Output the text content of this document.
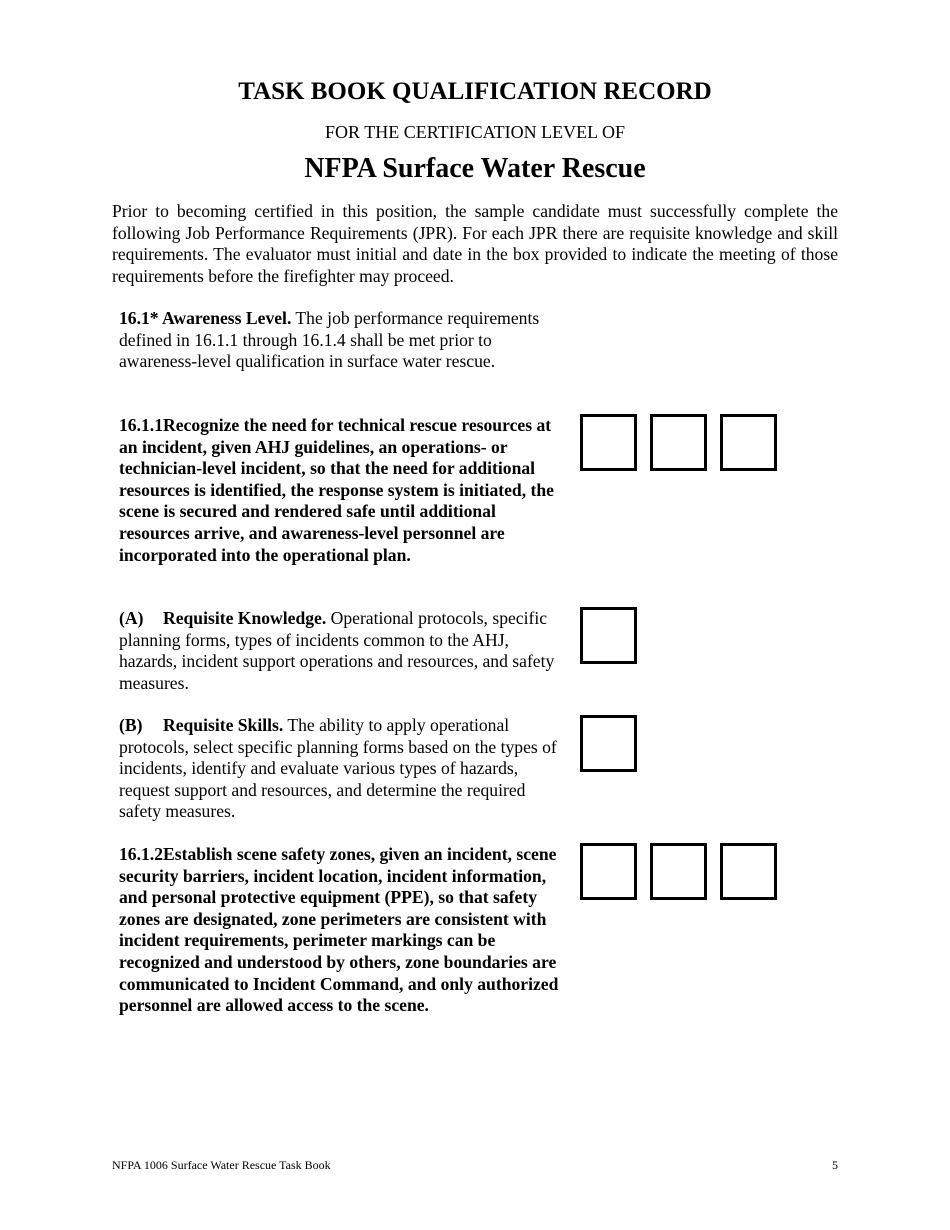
TASK BOOK QUALIFICATION RECORD
FOR THE CERTIFICATION LEVEL OF
NFPA Surface Water Rescue

Prior to becoming certified in this position, the sample candidate must successfully complete the following Job Performance Requirements (JPR). For each JPR there are requisite knowledge and skill requirements. The evaluator must initial and date in the box provided to indicate the meeting of those requirements before the firefighter may proceed.

16.1* Awareness Level. The job performance requirements defined in 16.1.1 through 16.1.4 shall be met prior to awareness-level qualification in surface water rescue.

16.1.1Recognize the need for technical rescue resources at an incident, given AHJ guidelines, an operations- or technician-level incident, so that the need for additional resources is identified, the response system is initiated, the scene is secured and rendered safe until additional resources arrive, and awareness-level personnel are incorporated into the operational plan.

(A) Requisite Knowledge. Operational protocols, specific planning forms, types of incidents common to the AHJ, hazards, incident support operations and resources, and safety measures.

(B) Requisite Skills. The ability to apply operational protocols, select specific planning forms based on the types of incidents, identify and evaluate various types of hazards, request support and resources, and determine the required safety measures.

16.1.2Establish scene safety zones, given an incident, scene security barriers, incident location, incident information, and personal protective equipment (PPE), so that safety zones are designated, zone perimeters are consistent with incident requirements, perimeter markings can be recognized and understood by others, zone boundaries are communicated to Incident Command, and only authorized personnel are allowed access to the scene.

NFPA 1006 Surface Water Rescue Task Book	5
